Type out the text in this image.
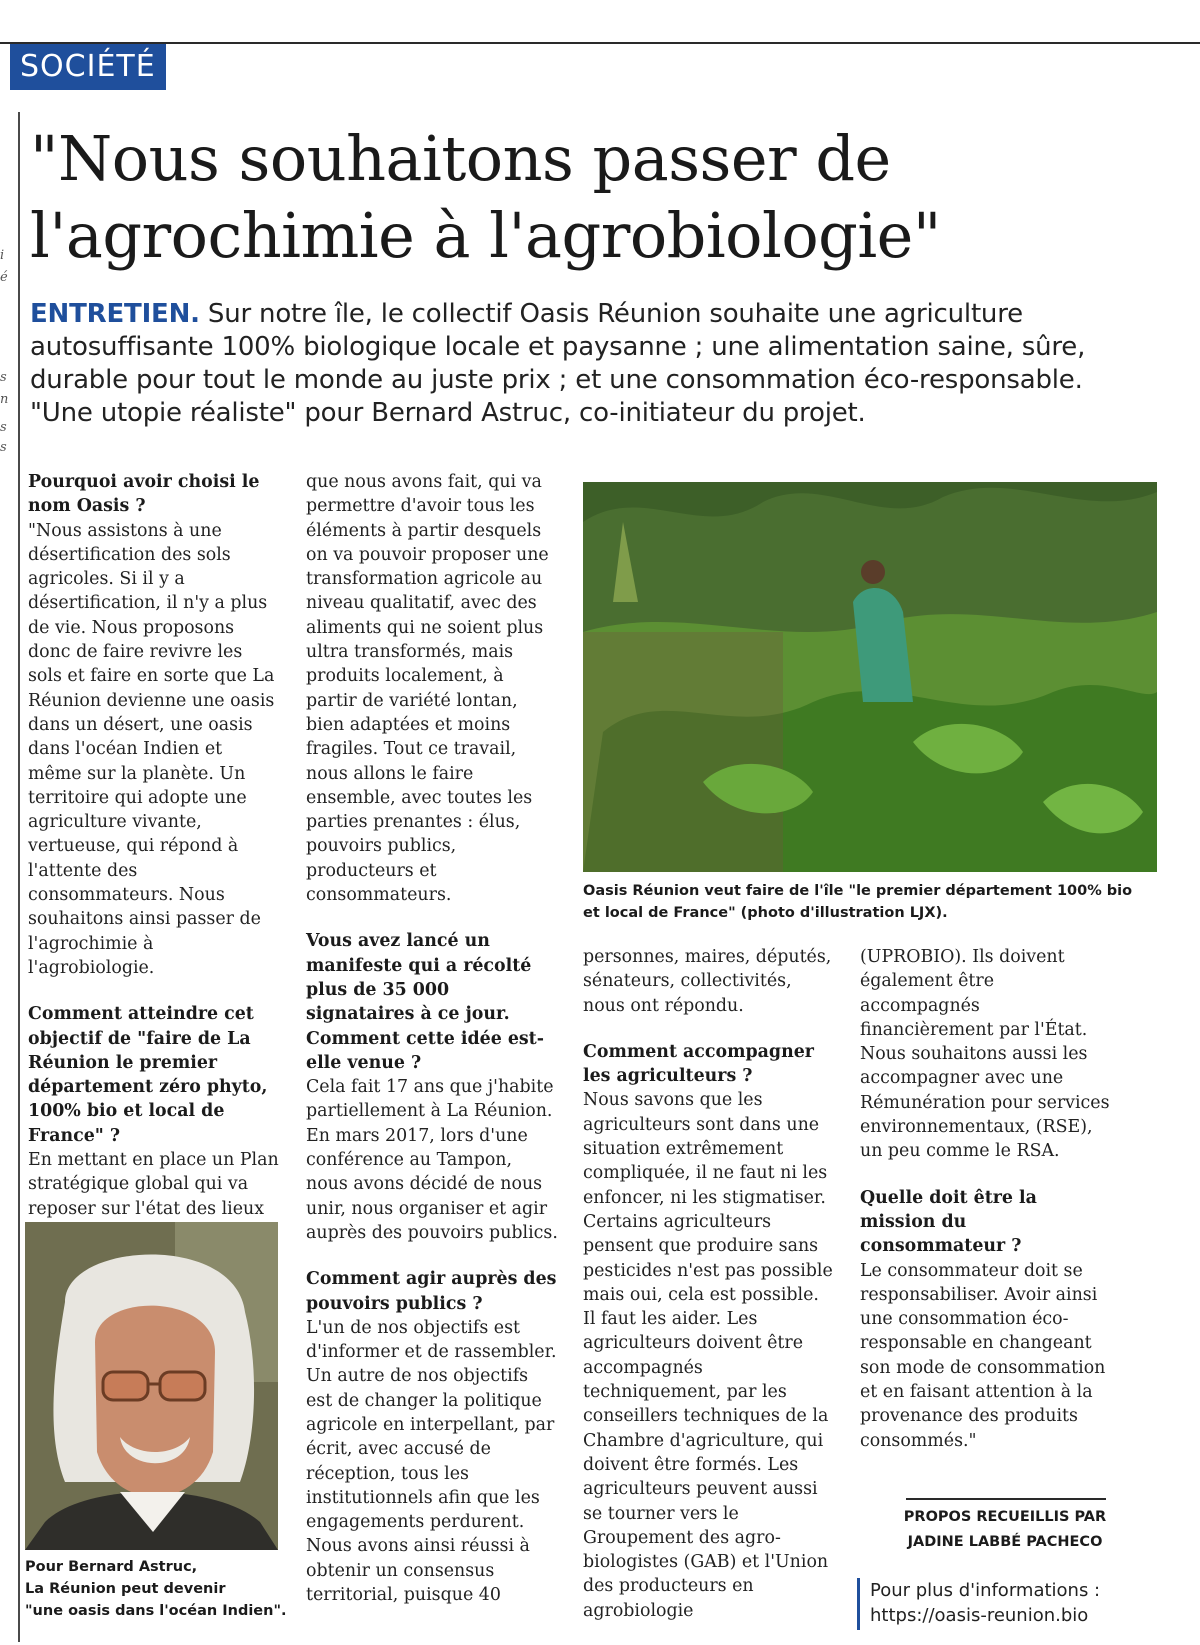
SOCIÉTÉ
i
é
s
n
s
s
"Nous souhaitons passer de
l'agrochimie à l'agrobiologie"

ENTRETIEN. Sur notre île, le collectif Oasis Réunion souhaite une agriculture autosuffisante 100% biologique locale et paysanne ; une alimentation saine, sûre, durable pour tout le monde au juste prix ; et une consommation éco-responsable. "Une utopie réaliste" pour Bernard Astruc, co-initiateur du projet.

Pourquoi avoir choisi le nom Oasis ?

"Nous assistons à une désertification des sols agricoles. Si il y a désertification, il n'y a plus de vie. Nous proposons donc de faire revivre les sols et faire en sorte que La Réunion devienne une oasis dans un désert, une oasis dans l'océan Indien et même sur la planète. Un territoire qui adopte une agriculture vivante, vertueuse, qui répond à l'attente des consommateurs. Nous souhaitons ainsi passer de l'agrochimie à l'agrobiologie.

Comment atteindre cet objectif de "faire de La Réunion le premier département zéro phyto, 100% bio et local de France" ?

En mettant en place un Plan stratégique global qui va reposer sur l'état des lieux

Pour Bernard Astruc,
La Réunion peut devenir
"une oasis dans l'océan Indien".

que nous avons fait, qui va permettre d'avoir tous les éléments à partir desquels on va pouvoir proposer une transformation agricole au niveau qualitatif, avec des aliments qui ne soient plus ultra transformés, mais produits localement, à partir de variété lontan, bien adaptées et moins fragiles. Tout ce travail, nous allons le faire ensemble, avec toutes les parties prenantes : élus, pouvoirs publics, producteurs et consommateurs.

Vous avez lancé un manifeste qui a récolté plus de 35 000 signataires à ce jour. Comment cette idée est-elle venue ?

Cela fait 17 ans que j'habite partiellement à La Réunion. En mars 2017, lors d'une conférence au Tampon, nous avons décidé de nous unir, nous organiser et agir auprès des pouvoirs publics.

Comment agir auprès des pouvoirs publics ?

L'un de nos objectifs est d'informer et de rassembler. Un autre de nos objectifs est de changer la politique agricole en interpellant, par écrit, avec accusé de réception, tous les institutionnels afin que les engagements perdurent. Nous avons ainsi réussi à obtenir un consensus territorial, puisque 40

Oasis Réunion veut faire de l'île "le premier département 100% bio
et local de France" (photo d'illustration LJX).

personnes, maires, députés, sénateurs, collectivités, nous ont répondu.

Comment accompagner les agriculteurs ?

Nous savons que les agriculteurs sont dans une situation extrêmement compliquée, il ne faut ni les enfoncer, ni les stigmatiser. Certains agriculteurs pensent que produire sans pesticides n'est pas possible mais oui, cela est possible. Il faut les aider. Les agriculteurs doivent être accompagnés techniquement, par les conseillers techniques de la Chambre d'agriculture, qui doivent être formés. Les agriculteurs peuvent aussi se tourner vers le Groupement des agro-biologistes (GAB) et l'Union des producteurs en agrobiologie

(UPROBIO). Ils doivent également être accompagnés financièrement par l'État. Nous souhaitons aussi les accompagner avec une Rémunération pour services environnementaux, (RSE), un peu comme le RSA.

Quelle doit être la mission du consommateur ?

Le consommateur doit se responsabiliser. Avoir ainsi une consommation éco-responsable en changeant son mode de consommation et en faisant attention à la provenance des produits consommés."

PROPOS RECUEILLIS PAR
JADINE LABBÉ PACHECO
Pour plus d'informations :
https://oasis-reunion.bio
